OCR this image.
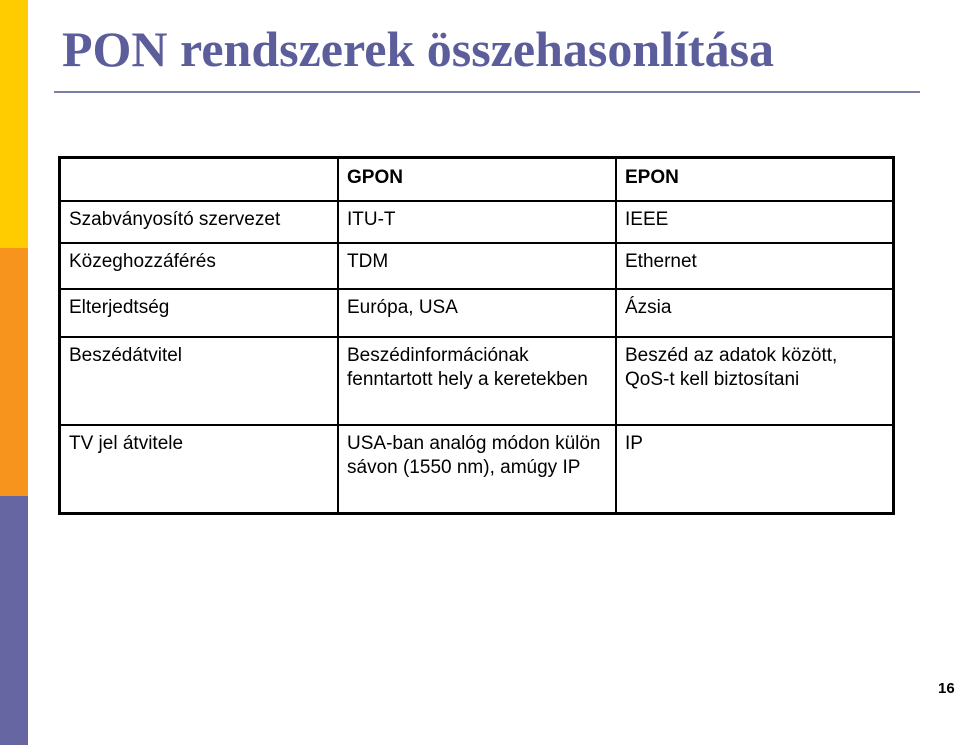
PON rendszerek összehasonlítása
	GPON	EPON
Szabványosító szervezet	ITU-T	IEEE
Közeghozzáférés	TDM	Ethernet
Elterjedtség	Európa, USA	Ázsia
Beszédátvitel	Beszédinformációnak fenntartott hely a keretekben	Beszéd az adatok között, QoS-t kell biztosítani
TV jel átvitele	USA-ban analóg módon külön sávon (1550 nm), amúgy IP	IP
16
